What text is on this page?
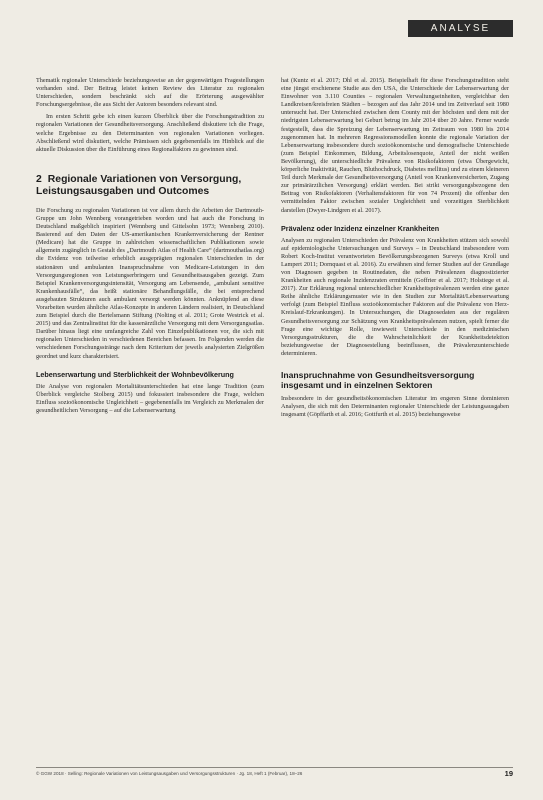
ANALYSE

Thematik regionaler Unterschiede beziehungsweise an der gegenwärtigen Fragestellungen vorhanden sind. Der Beitrag leistet keinen Review des Literatur zu regionalen Unterschieden, sondern beschränkt sich auf die Erörterung ausgewählter Forschungsergebnisse, die aus Sicht der Autoren besonders relevant sind.

Im ersten Schritt gebe ich einen kurzen Überblick über die Forschungstradition zu regionalen Variationen der Gesundheitsversorgung. Anschließend diskutiere ich die Frage, welche Ergebnisse zu den Determinanten von regionalen Variationen vorliegen. Abschließend wird diskutiert, welche Prämissen sich gegebenenfalls im Hinblick auf die aktuelle Diskussion über die Einführung eines Regionalfaktors zu gewinnen sind.

2 Regionale Variationen von Versorgung, Leistungsausgaben und Outcomes

Die Forschung zu regionalen Variationen ist vor allem durch die Arbeiten der Dartmouth-Gruppe um John Wennberg vorangetrieben worden und hat auch die Forschung in Deutschland maßgeblich inspiriert (Wennberg und Gittelsohn 1973; Wennberg 2010). Basierend auf den Daten der US-amerikanischen Krankenversicherung der Rentner (Medicare) hat die Gruppe in zahlreichen wissenschaftlichen Publikationen sowie allgemein zugänglich in Gestalt des „Dartmouth Atlas of Health Care“ (dartmouthatlas.org) die Evidenz von teilweise erheblich ausgeprägten regionalen Unterschieden in der stationären und ambulanten Inanspruchnahme von Medicare-Leistungen in den Versorgungsregionen von Leistungserbringern und Gesundheitsausgaben gezeigt. Zum Beispiel Krankenversorgungsintensität, Versorgung am Lebensende, „ambulant sensitive Krankenhausfälle“, das heißt stationäre Behandlungsfälle, die bei entsprechend ausgebauten Strukturen auch ambulant versorgt werden könnten. Anknüpfend an diese Vorarbeiten wurden ähnliche Atlas-Konzepte in anderen Ländern realisiert, in Deutschland zum Beispiel durch die Bertelsmann Stiftung (Nolting et al. 2011; Grote Westrick et al. 2015) und das Zentralinstitut für die kassenärztliche Versorgung mit dem Versorgungsatlas. Darüber hinaus liegt eine umfangreiche Zahl von Einzelpublikationen vor, die sich mit regionalen Unterschieden in verschiedenen Bereichen befassen. Im Folgenden werden die verschiedenen Forschungsstränge nach dem Kriterium der jeweils analysierten Zielgrößen geordnet und kurz charakterisiert.

Lebenserwartung und Sterblichkeit der Wohnbevölkerung

Die Analyse von regionalen Mortalitätsunterschieden hat eine lange Tradition (zum Überblick vergleiche Stolberg 2015) und fokussiert insbesondere die Frage, welchen Einfluss sozioökonomische Ungleichheit – gegebenenfalls im Vergleich zu Merkmalen der gesundheitlichen Versorgung – auf die Lebenserwartung

hat (Kuntz et al. 2017; Dhl et al. 2015). Beispielhaft für diese Forschungstradition steht eine jüngst erschienene Studie aus den USA, die Unterschiede der Lebenserwartung der Einwohner von 3.110 Counties – regionalen Verwaltungseinheiten, vergleichbar den Landkreisen/kreisfreien Städten – bezogen auf das Jahr 2014 und im Zeitverlauf seit 1980 untersucht hat. Der Unterschied zwischen dem County mit der höchsten und dem mit der niedrigsten Lebenserwartung bei Geburt betrug im Jahr 2014 über 20 Jahre. Ferner wurde festgestellt, dass die Spreizung der Lebenserwartung im Zeitraum von 1980 bis 2014 zugenommen hat. In mehreren Regressionsmodellen konnte die regionale Variation der Lebenserwartung insbesondere durch sozioökonomische und demografische Unterschiede (zum Beispiel Einkommen, Bildung, Arbeitslosenquote, Anteil der nicht weißen Bevölkerung), die unterschiedliche Prävalenz von Risikofaktoren (etwa Übergewicht, körperliche Inaktivität, Rauchen, Bluthochdruck, Diabetes mellitus) und zu einem kleineren Teil durch Merkmale der Gesundheitsversorgung (Anteil von Krankenversicherten, Zugang zur primärärztlichen Versorgung) erklärt werden. Bei strikt versorgungsbezogene den Beitrag von Risikofaktoren (Verhaltensfaktoren für von 74 Prozent) die offenbar den vermittelnden Faktor zwischen sozialer Ungleichheit und vorzeitigen Sterblichkeit darstellen (Dwyer-Lindgren et al. 2017).

Prävalenz oder Inzidenz einzelner Krankheiten

Analysen zu regionalen Unterschieden der Prävalenz von Krankheiten stützen sich sowohl auf epidemiologische Untersuchungen und Surveys – in Deutschland insbesondere vom Robert Koch-Institut verantworteten Bevölkerungsbezogenen Surveys (etwa Kroll und Lampert 2011; Dornquast et al. 2016). Zu erwähnen sind ferner Studien auf der Grundlage von Diagnosen gegeben in Routinedaten, die neben Prävalenzen diagnostizierter Krankheiten auch regionale Inzidenzraten ermitteln (Goffrier et al. 2017; Holstiege et al. 2017). Zur Erklärung regional unterschiedlicher Krankheitsprävalenzen werden eine ganze Reihe ähnliche Erklärungsmuster wie in den Studien zur Mortalität/Lebenserwartung verfolgt (zum Beispiel Einfluss sozioökonomischer Faktoren auf die Prävalenz von Herz-Kreislauf-Erkrankungen). In Untersuchungen, die Diagnosedaten aus der regulären Gesundheitsversorgung zur Schätzung von Krankheitsprävalenzen nutzen, spielt ferner die Frage eine wichtige Rolle, inwieweit Unterschiede in den medizinischen Versorgungsstrukturen, die die Wahrscheinlichkeit der Krankheitsdetektion beziehungsweise der Diagnosestellung beeinflussen, die Prävalenzunterschiede determinieren.

Inanspruchnahme von Gesundheitsversorgung insgesamt und in einzelnen Sektoren

Insbesondere in der gesundheitsökonomischen Literatur im engeren Sinne dominieren Analysen, die sich mit den Determinanten regionaler Unterschiede der Leistungsausgaben insgesamt (Göpffarth et al. 2016; Gottfurth et al. 2015) beziehungsweise

© GGW 2018 · Selling: Regionale Variationen von Leistungsausgaben und Versorgungsstrukturen · Jg. 18, Heft 1 (Februar), 18–26	19
